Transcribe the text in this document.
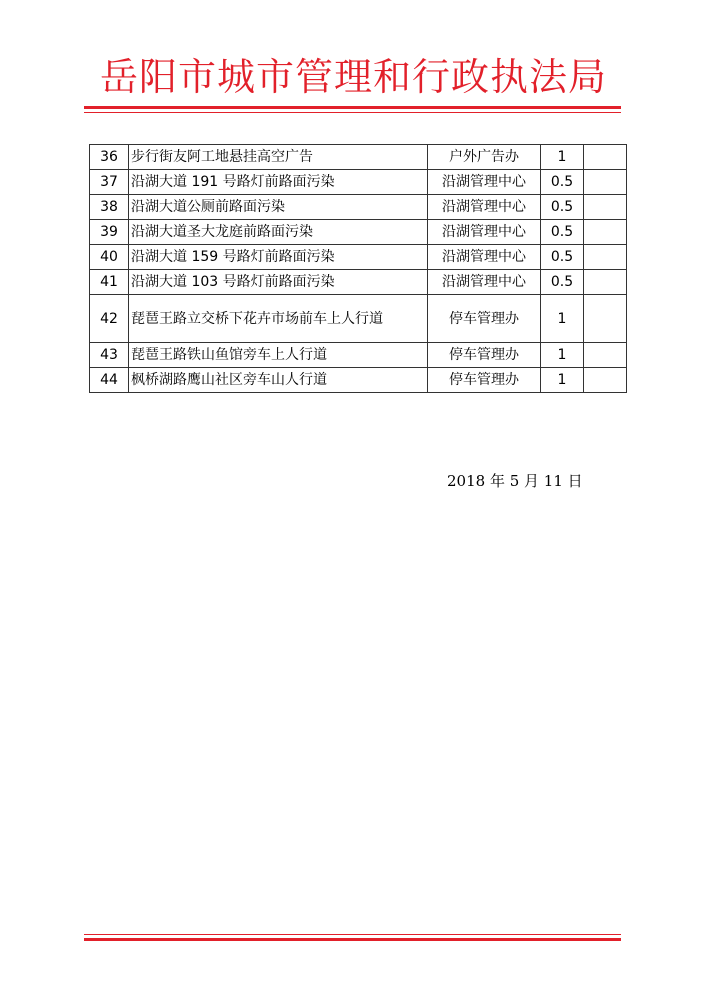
岳阳市城市管理和行政执法局
36	步行街友阿工地悬挂高空广告	户外广告办	1	
37	沿湖大道 191 号路灯前路面污染	沿湖管理中心	0.5	
38	沿湖大道公厕前路面污染	沿湖管理中心	0.5	
39	沿湖大道圣大龙庭前路面污染	沿湖管理中心	0.5	
40	沿湖大道 159 号路灯前路面污染	沿湖管理中心	0.5	
41	沿湖大道 103 号路灯前路面污染	沿湖管理中心	0.5	
42	琵琶王路立交桥下花卉市场前车上人行道	停车管理办	1	
43	琵琶王路铁山鱼馆旁车上人行道	停车管理办	1	
44	枫桥湖路鹰山社区旁车山人行道	停车管理办	1	
2018 年 5 月 11 日
